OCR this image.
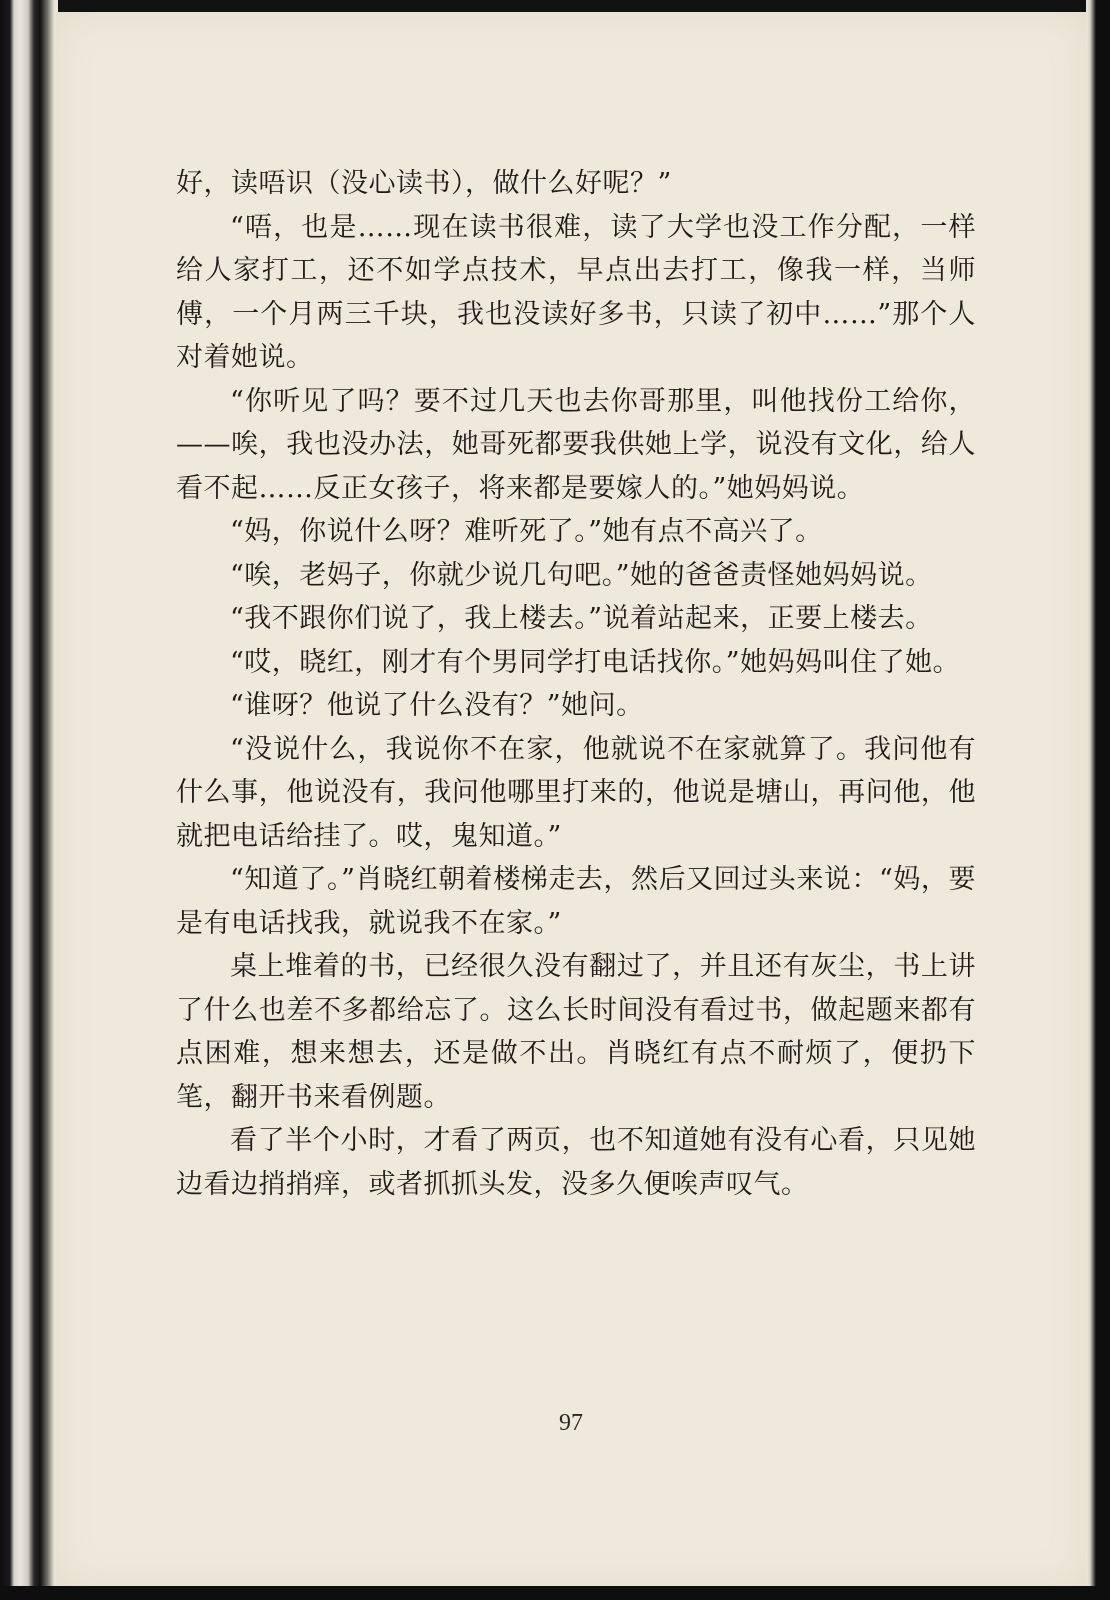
好，读唔识（没心读书），做什么好呢？”

“唔，也是……现在读书很难，读了大学也没工作分配，一样给人家打工，还不如学点技术，早点出去打工，像我一样，当师傅，一个月两三千块，我也没读好多书，只读了初中……”那个人对着她说。

“你听见了吗？要不过几天也去你哥那里，叫他找份工给你，——唉，我也没办法，她哥死都要我供她上学，说没有文化，给人看不起……反正女孩子，将来都是要嫁人的。”她妈妈说。

“妈，你说什么呀？难听死了。”她有点不高兴了。

“唉，老妈子，你就少说几句吧。”她的爸爸责怪她妈妈说。

“我不跟你们说了，我上楼去。”说着站起来，正要上楼去。

“哎，晓红，刚才有个男同学打电话找你。”她妈妈叫住了她。

“谁呀？他说了什么没有？”她问。

“没说什么，我说你不在家，他就说不在家就算了。我问他有什么事，他说没有，我问他哪里打来的，他说是塘山，再问他，他就把电话给挂了。哎，鬼知道。”

“知道了。”肖晓红朝着楼梯走去，然后又回过头来说：“妈，要是有电话找我，就说我不在家。”

桌上堆着的书，已经很久没有翻过了，并且还有灰尘，书上讲了什么也差不多都给忘了。这么长时间没有看过书，做起题来都有点困难，想来想去，还是做不出。肖晓红有点不耐烦了，便扔下笔，翻开书来看例题。

看了半个小时，才看了两页，也不知道她有没有心看，只见她边看边捎捎痒，或者抓抓头发，没多久便唉声叹气。

97
